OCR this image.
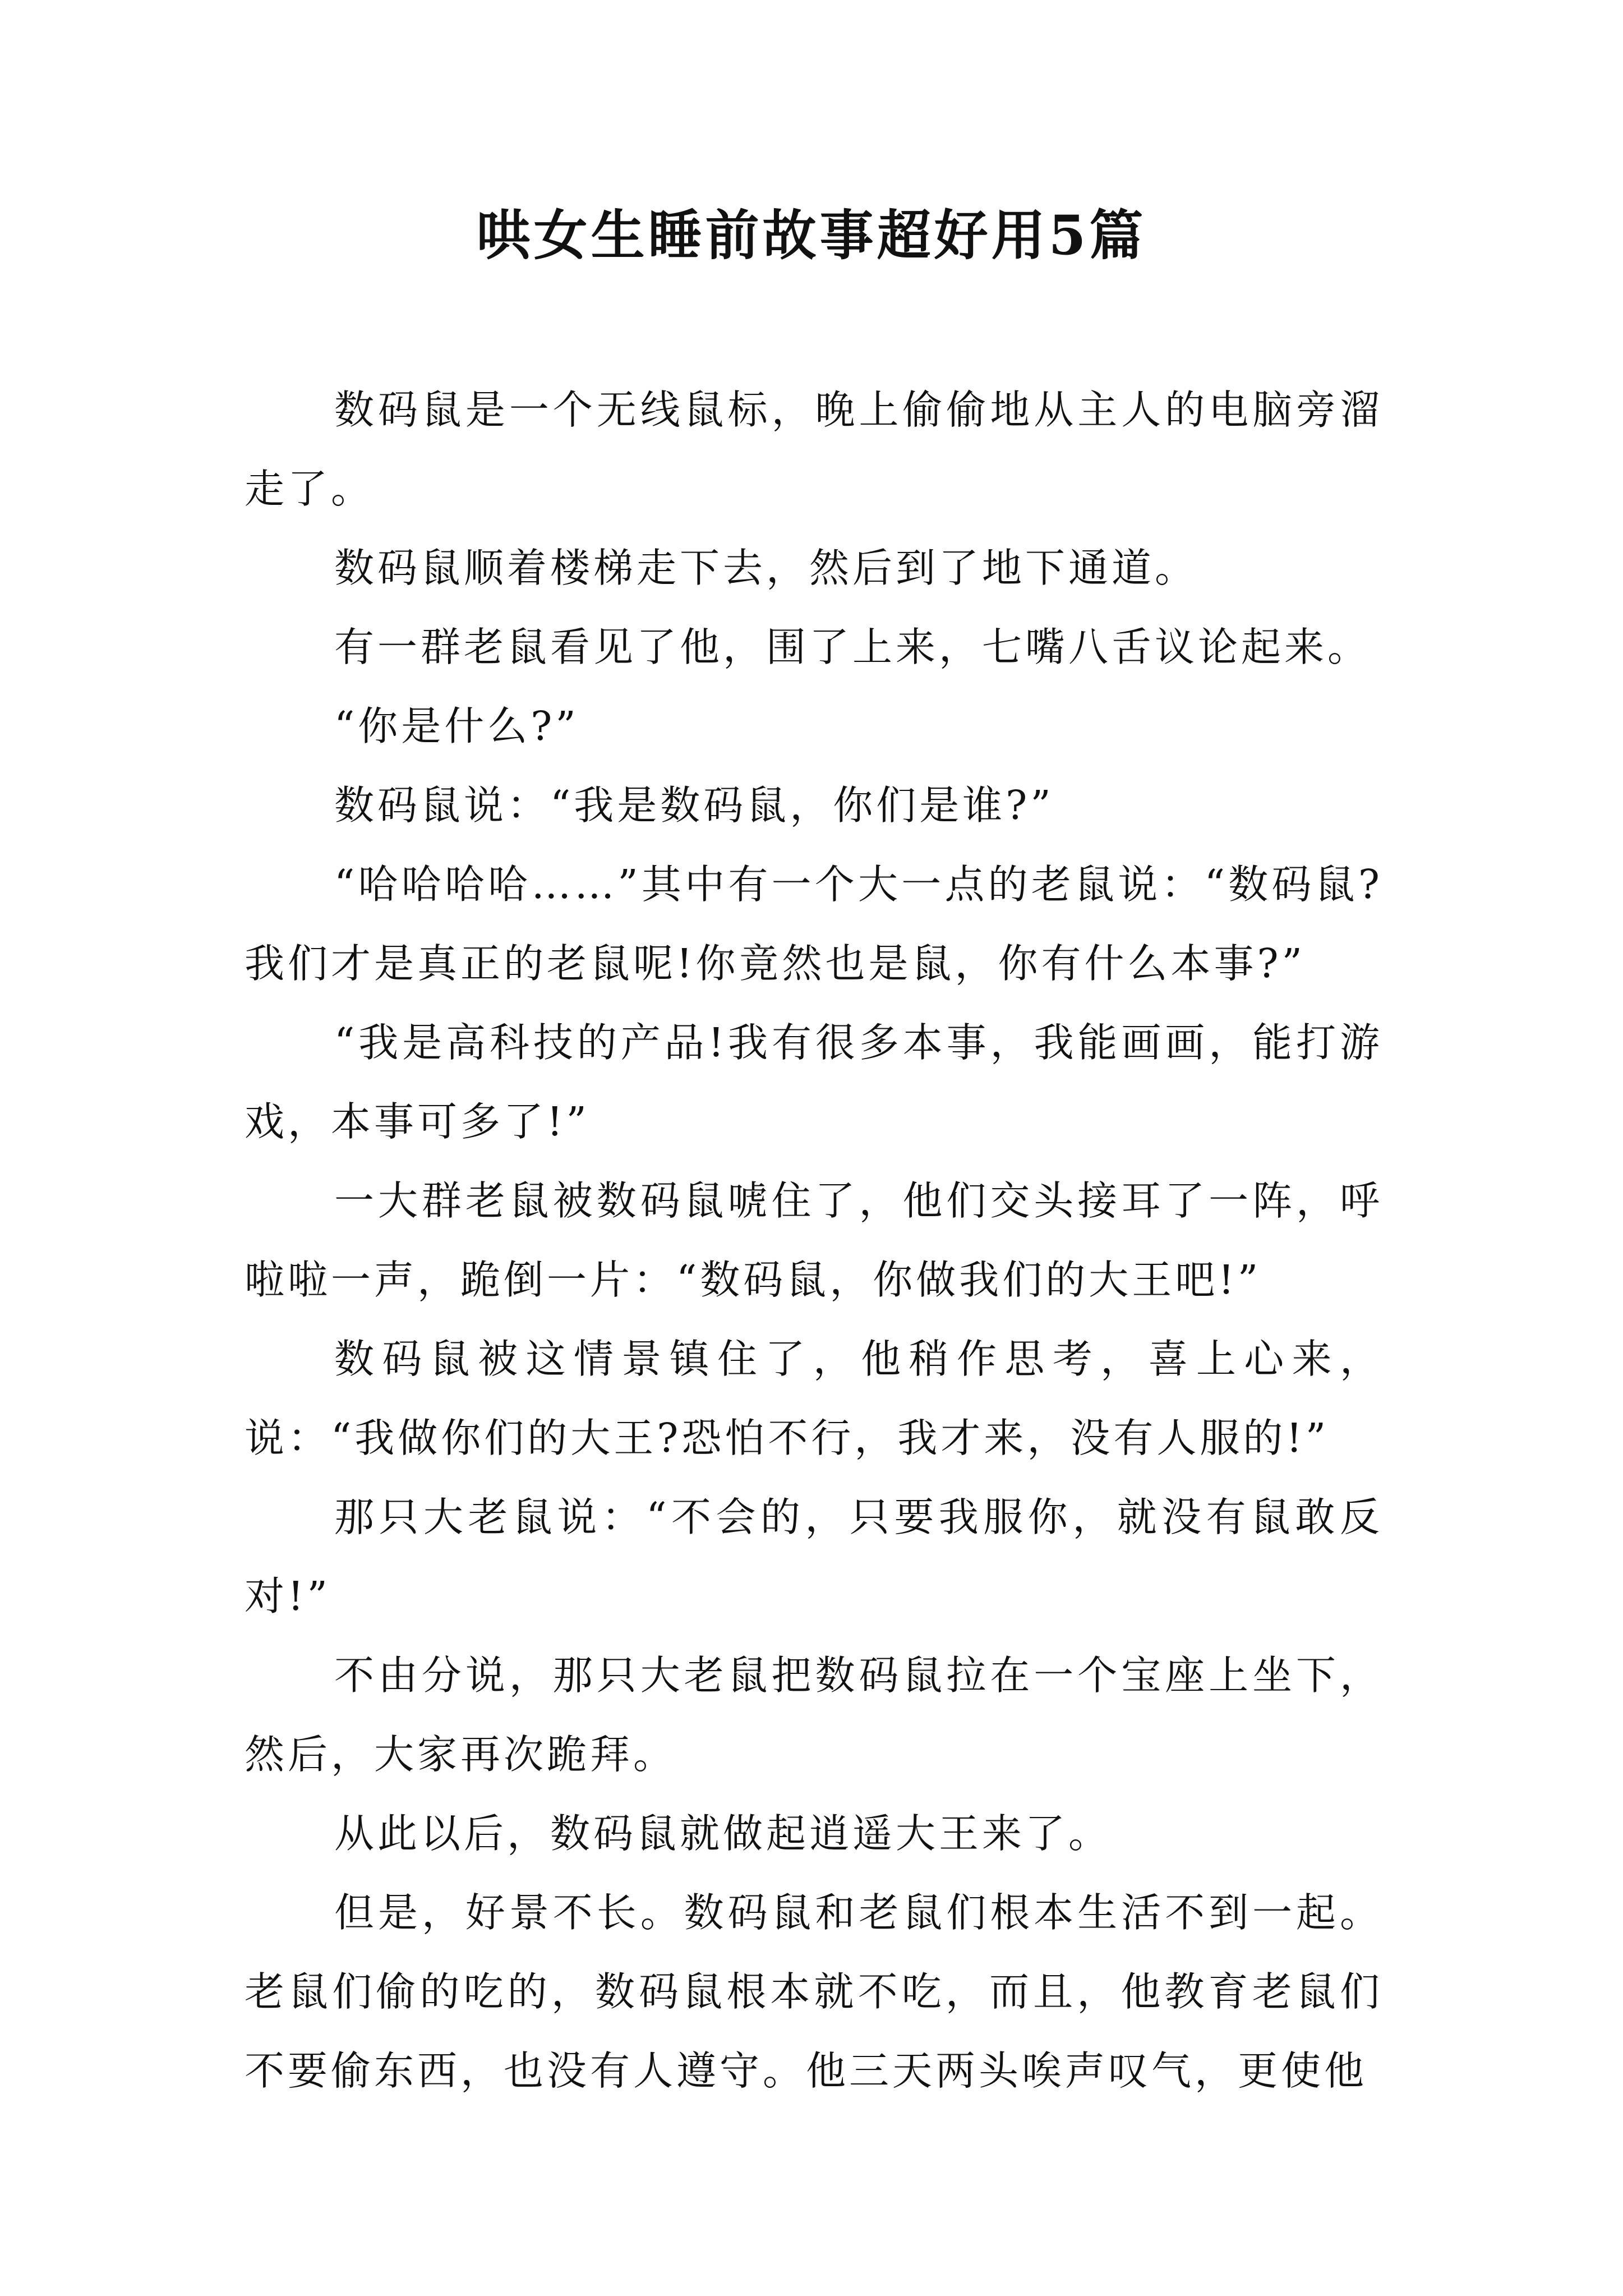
哄女生睡前故事超好用5篇

数码鼠是一个无线鼠标，晚上偷偷地从主人的电脑旁溜走了。

数码鼠顺着楼梯走下去，然后到了地下通道。

有一群老鼠看见了他，围了上来，七嘴八舌议论起来。

“你是什么?”

数码鼠说：“我是数码鼠，你们是谁?”

“哈哈哈哈……”其中有一个大一点的老鼠说：“数码鼠?我们才是真正的老鼠呢!你竟然也是鼠，你有什么本事?”

“我是高科技的产品!我有很多本事，我能画画，能打游戏，本事可多了!”

一大群老鼠被数码鼠唬住了，他们交头接耳了一阵，呼啦啦一声，跪倒一片：“数码鼠，你做我们的大王吧!”

数码鼠被这情景镇住了，他稍作思考，喜上心来，说：“我做你们的大王?恐怕不行，我才来，没有人服的!”

那只大老鼠说：“不会的，只要我服你，就没有鼠敢反对!”

不由分说，那只大老鼠把数码鼠拉在一个宝座上坐下，然后，大家再次跪拜。

从此以后，数码鼠就做起逍遥大王来了。

但是，好景不长。数码鼠和老鼠们根本生活不到一起。老鼠们偷的吃的，数码鼠根本就不吃，而且，他教育老鼠们不要偷东西，也没有人遵守。他三天两头唉声叹气，更使他
